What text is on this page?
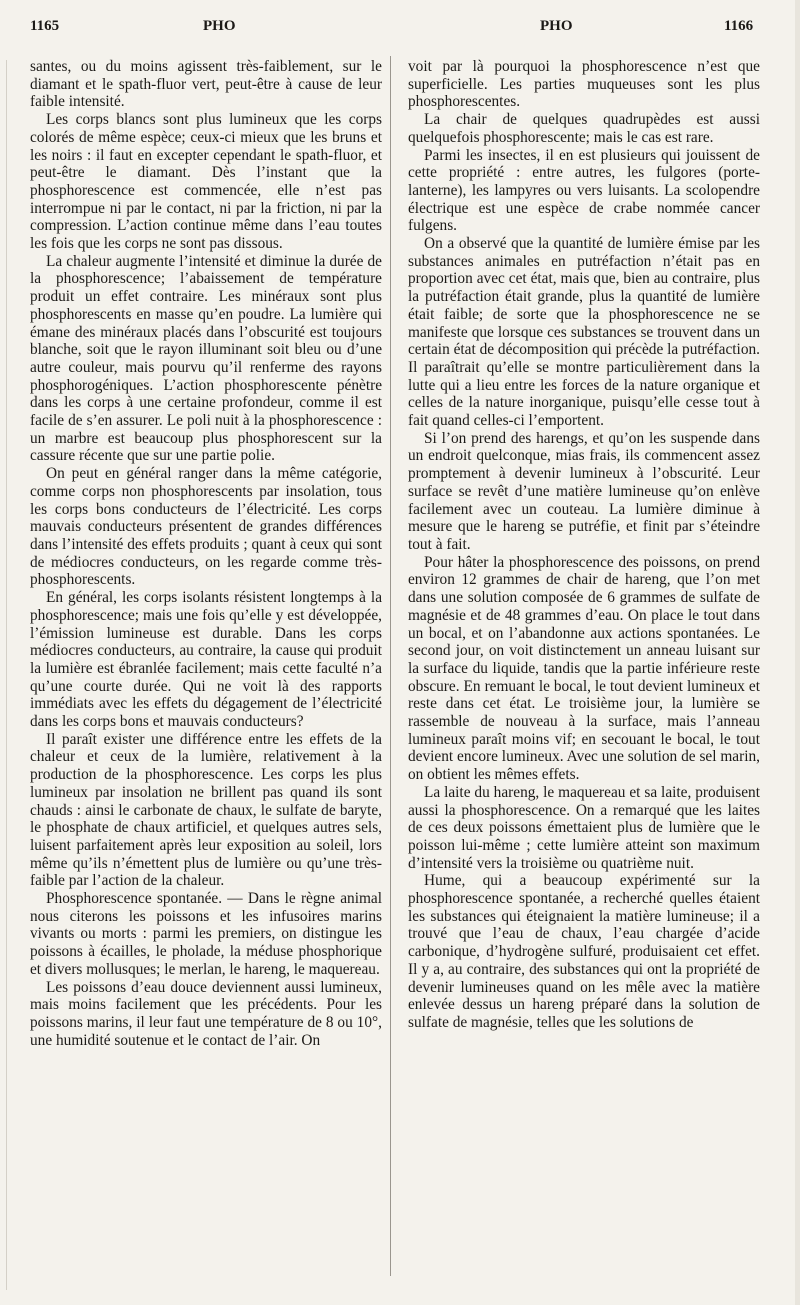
1165	PHO	PHO	1166

santes, ou du moins agissent très-faiblement, sur le diamant et le spath-fluor vert, peut-être à cause de leur faible intensité.

Les corps blancs sont plus lumineux que les corps colorés de même espèce; ceux-ci mieux que les bruns et les noirs : il faut en excepter cependant le spath-fluor, et peut-être le diamant. Dès l’instant que la phosphorescence est commencée, elle n’est pas interrompue ni par le contact, ni par la friction, ni par la compression. L’action continue même dans l’eau toutes les fois que les corps ne sont pas dissous.

La chaleur augmente l’intensité et diminue la durée de la phosphorescence; l’abaissement de température produit un effet contraire. Les minéraux sont plus phosphorescents en masse qu’en poudre. La lumière qui émane des minéraux placés dans l’obscurité est toujours blanche, soit que le rayon illuminant soit bleu ou d’une autre couleur, mais pourvu qu’il renferme des rayons phosphorogéniques. L’action phosphorescente pénètre dans les corps à une certaine profondeur, comme il est facile de s’en assurer. Le poli nuit à la phosphorescence : un marbre est beaucoup plus phosphorescent sur la cassure récente que sur une partie polie.

On peut en général ranger dans la même catégorie, comme corps non phosphorescents par insolation, tous les corps bons conducteurs de l’électricité. Les corps mauvais conducteurs présentent de grandes différences dans l’intensité des effets produits ; quant à ceux qui sont de médiocres conducteurs, on les regarde comme très-phosphorescents.

En général, les corps isolants résistent longtemps à la phosphorescence; mais une fois qu’elle y est développée, l’émission lumineuse est durable. Dans les corps médiocres conducteurs, au contraire, la cause qui produit la lumière est ébranlée facilement; mais cette faculté n’a qu’une courte durée. Qui ne voit là des rapports immédiats avec les effets du dégagement de l’électricité dans les corps bons et mauvais conducteurs?

Il paraît exister une différence entre les effets de la chaleur et ceux de la lumière, relativement à la production de la phosphorescence. Les corps les plus lumineux par insolation ne brillent pas quand ils sont chauds : ainsi le carbonate de chaux, le sulfate de baryte, le phosphate de chaux artificiel, et quelques autres sels, luisent parfaitement après leur exposition au soleil, lors même qu’ils n’émettent plus de lumière ou qu’une très-faible par l’action de la chaleur.

Phosphorescence spontanée. — Dans le règne animal nous citerons les poissons et les infusoires marins vivants ou morts : parmi les premiers, on distingue les poissons à écailles, le pholade, la méduse phosphorique et divers mollusques; le merlan, le hareng, le maquereau.

Les poissons d’eau douce deviennent aussi lumineux, mais moins facilement que les précédents. Pour les poissons marins, il leur faut une température de 8 ou 10°, une humidité soutenue et le contact de l’air. On

voit par là pourquoi la phosphorescence n’est que superficielle. Les parties muqueuses sont les plus phosphorescentes.

La chair de quelques quadrupèdes est aussi quelquefois phosphorescente; mais le cas est rare.

Parmi les insectes, il en est plusieurs qui jouissent de cette propriété : entre autres, les fulgores (porte-lanterne), les lampyres ou vers luisants. La scolopendre électrique est une espèce de crabe nommée cancer fulgens.

On a observé que la quantité de lumière émise par les substances animales en putréfaction n’était pas en proportion avec cet état, mais que, bien au contraire, plus la putréfaction était grande, plus la quantité de lumière était faible; de sorte que la phosphorescence ne se manifeste que lorsque ces substances se trouvent dans un certain état de décomposition qui précède la putréfaction. Il paraîtrait qu’elle se montre particulièrement dans la lutte qui a lieu entre les forces de la nature organique et celles de la nature inorganique, puisqu’elle cesse tout à fait quand celles-ci l’emportent.

Si l’on prend des harengs, et qu’on les suspende dans un endroit quelconque, mias frais, ils commencent assez promptement à devenir lumineux à l’obscurité. Leur surface se revêt d’une matière lumineuse qu’on enlève facilement avec un couteau. La lumière diminue à mesure que le hareng se putréfie, et finit par s’éteindre tout à fait.

Pour hâter la phosphorescence des poissons, on prend environ 12 grammes de chair de hareng, que l’on met dans une solution composée de 6 grammes de sulfate de magnésie et de 48 grammes d’eau. On place le tout dans un bocal, et on l’abandonne aux actions spontanées. Le second jour, on voit distinctement un anneau luisant sur la surface du liquide, tandis que la partie inférieure reste obscure. En remuant le bocal, le tout devient lumineux et reste dans cet état. Le troisième jour, la lumière se rassemble de nouveau à la surface, mais l’anneau lumineux paraît moins vif; en secouant le bocal, le tout devient encore lumineux. Avec une solution de sel marin, on obtient les mêmes effets.

La laite du hareng, le maquereau et sa laite, produisent aussi la phosphorescence. On a remarqué que les laites de ces deux poissons émettaient plus de lumière que le poisson lui-même ; cette lumière atteint son maximum d’intensité vers la troisième ou quatrième nuit.

Hume, qui a beaucoup expérimenté sur la phosphorescence spontanée, a recherché quelles étaient les substances qui éteignaient la matière lumineuse; il a trouvé que l’eau de chaux, l’eau chargée d’acide carbonique, d’hydrogène sulfuré, produisaient cet effet. Il y a, au contraire, des substances qui ont la propriété de devenir lumineuses quand on les mêle avec la matière enlevée dessus un hareng préparé dans la solution de sulfate de magnésie, telles que les solutions de
